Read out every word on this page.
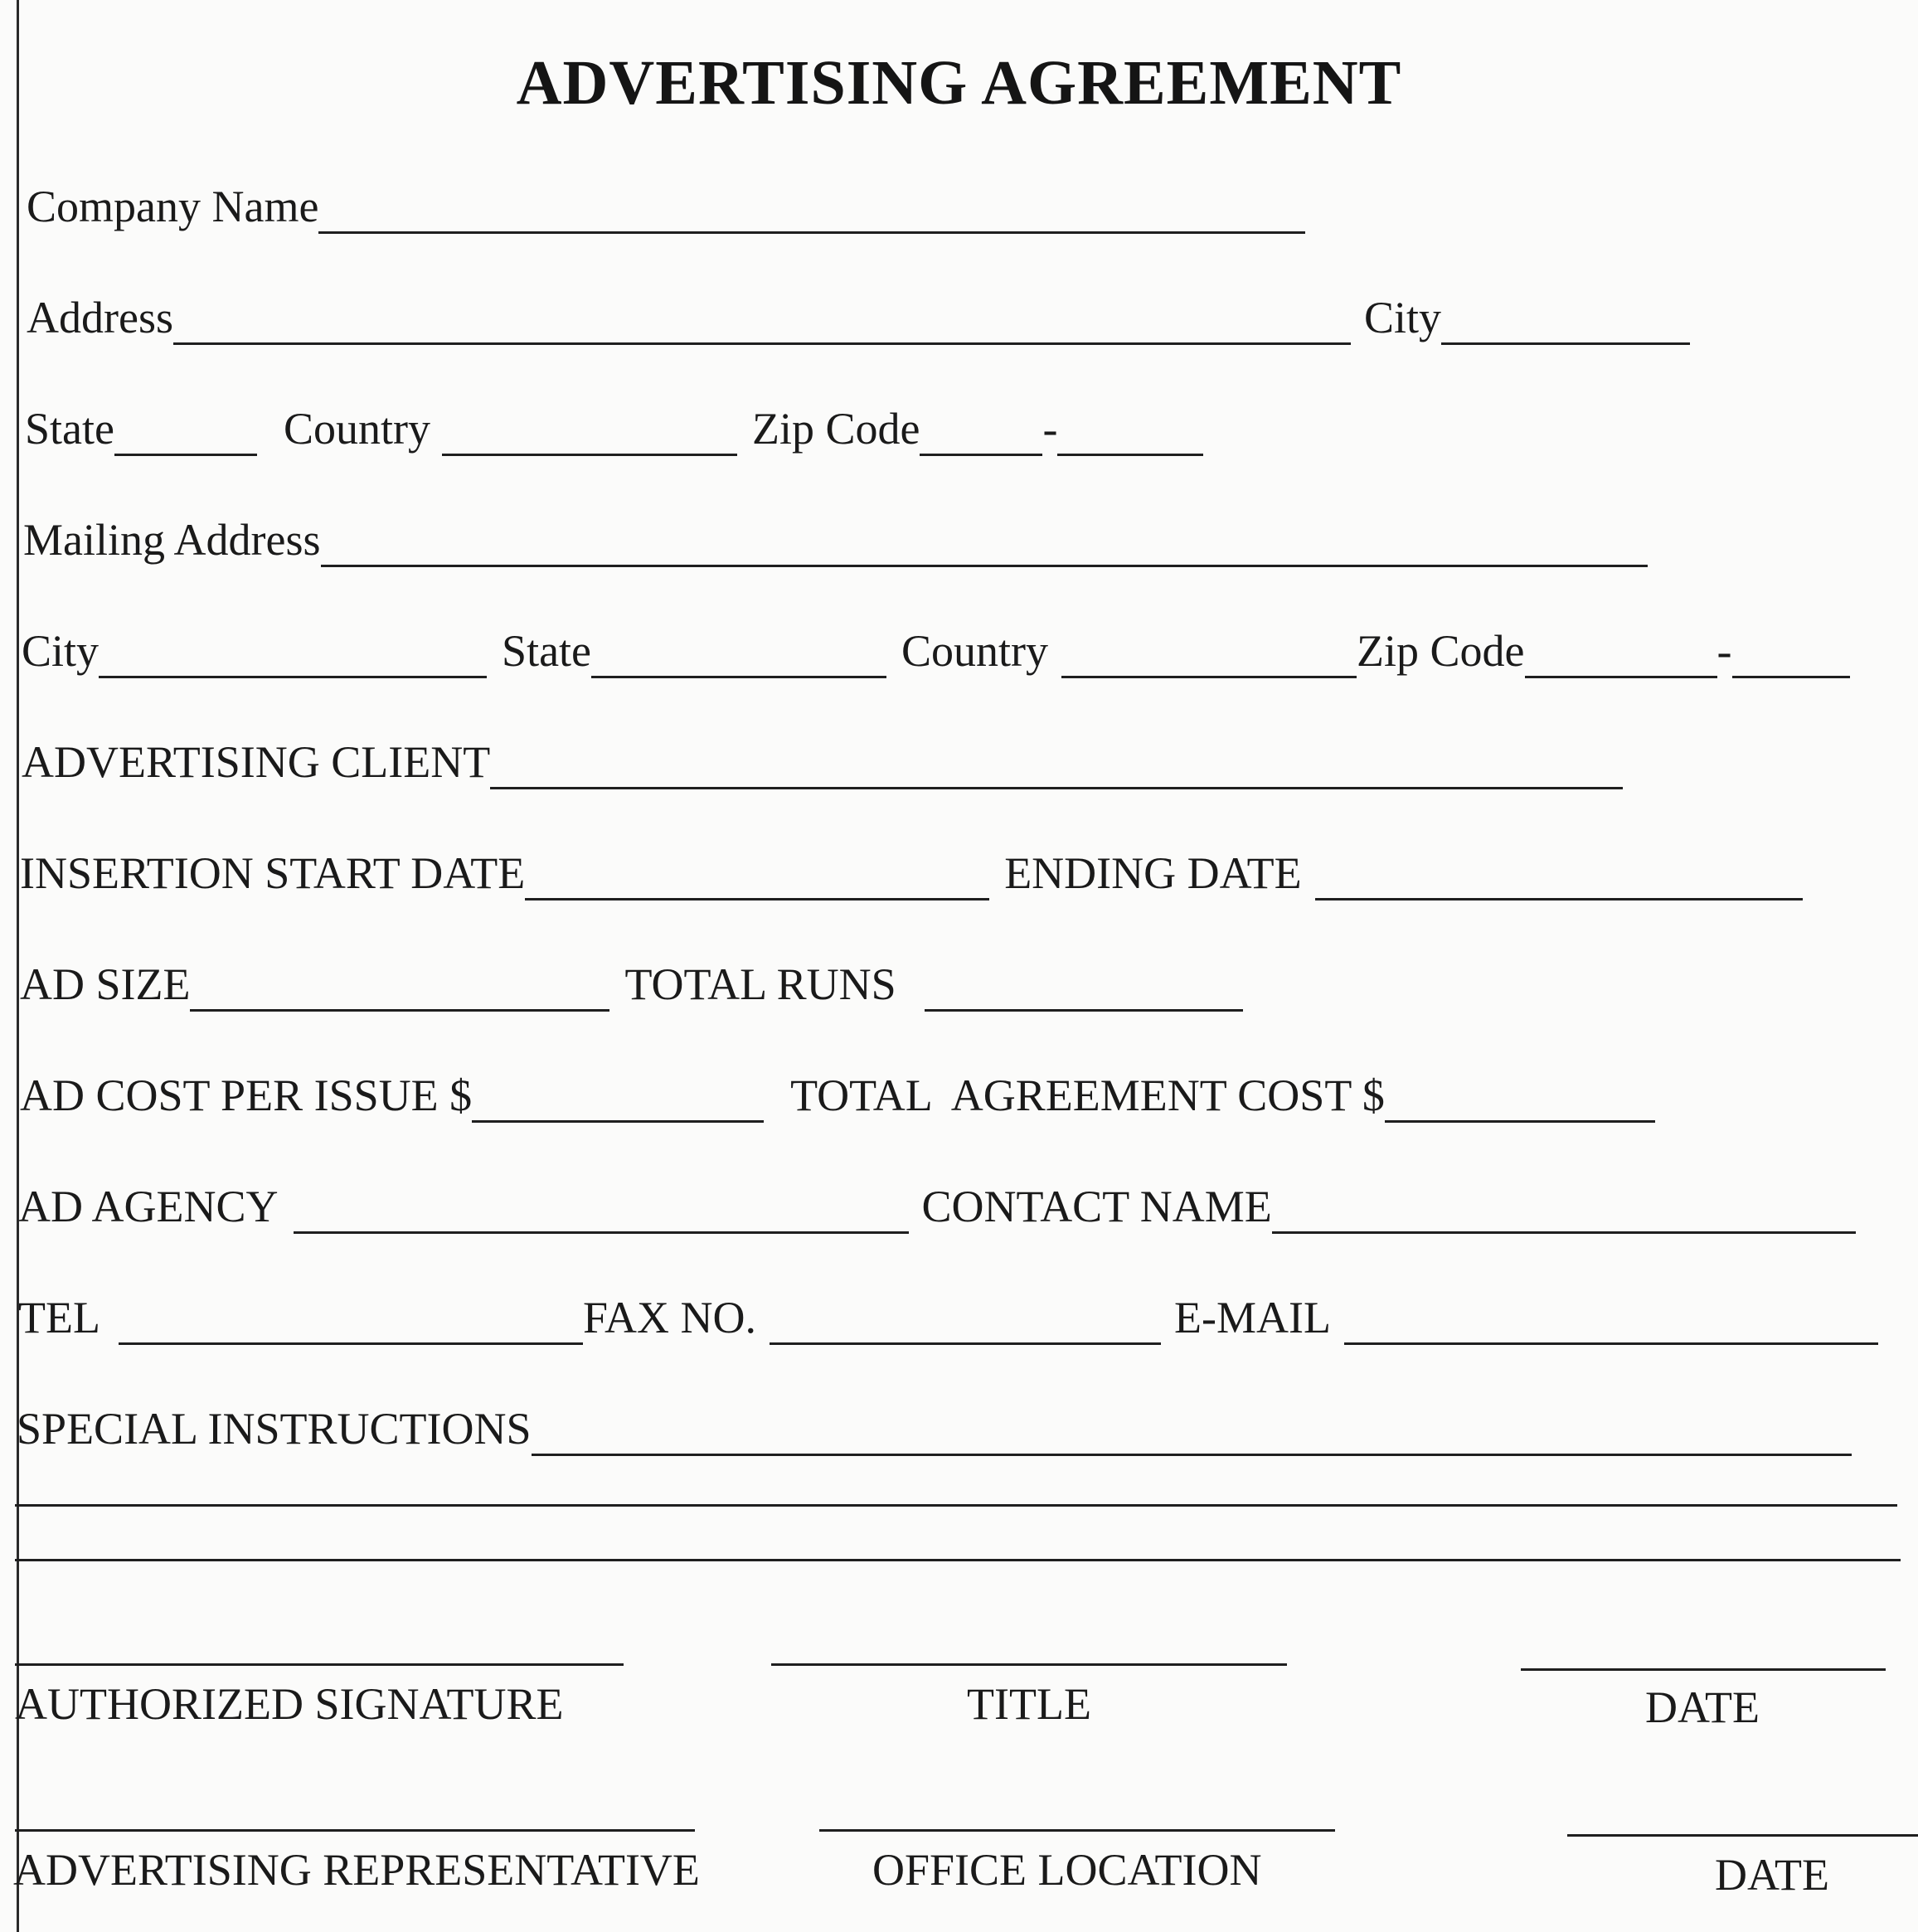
ADVERTISING AGREEMENT
Company Name
Address	City
State	Country	Zip Code	-
Mailing Address
City	State	Country	Zip Code	-
ADVERTISING CLIENT
INSERTION START DATE	ENDING DATE
AD SIZE	TOTAL RUNS
AD COST PER ISSUE $	TOTAL  AGREEMENT COST $
AD AGENCY	CONTACT NAME
TEL	FAX NO.	E-MAIL
SPECIAL INSTRUCTIONS
AUTHORIZED SIGNATURE	TITLE	DATE
ADVERTISING REPRESENTATIVE	OFFICE LOCATION	DATE
